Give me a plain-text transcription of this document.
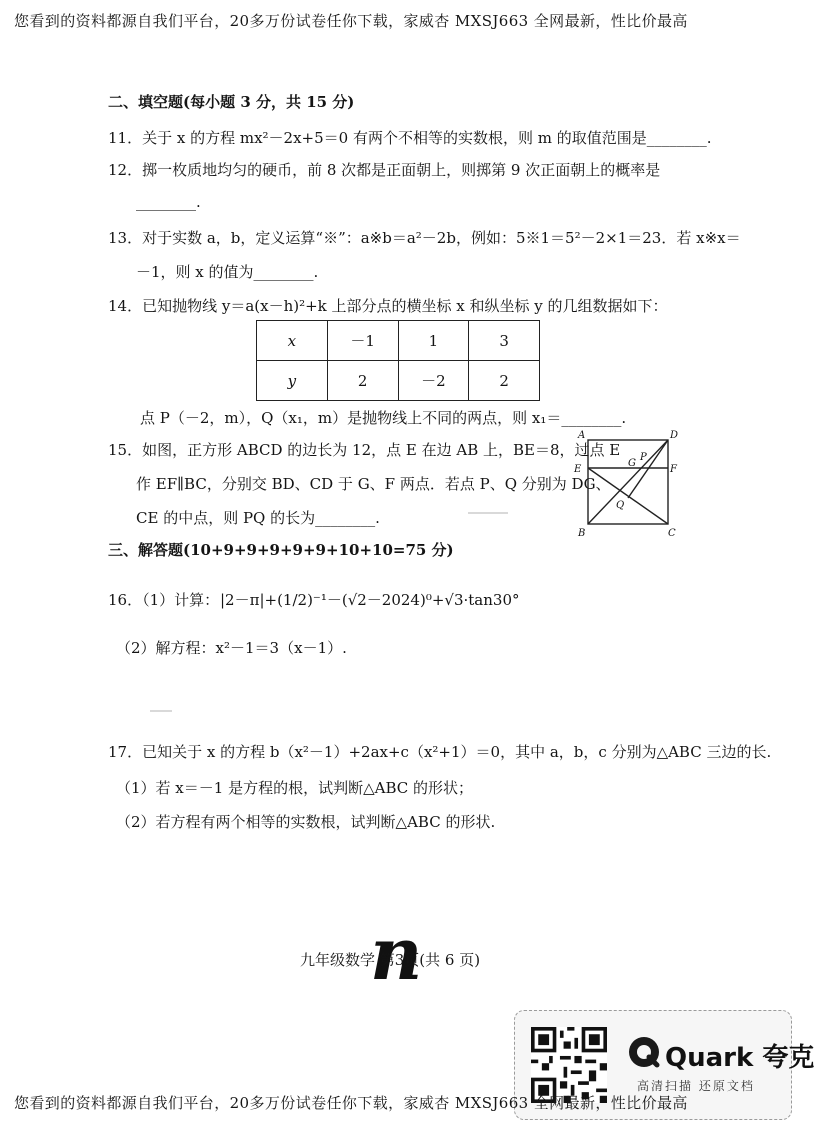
您看到的资料都源自我们平台，20多万份试卷任你下载，家威杏 MXSJ663 全网最新，性比价最高
二、填空题(每小题 3 分，共 15 分)
11．关于 x 的方程 mx²－2x+5＝0 有两个不相等的实数根，则 m 的取值范围是________.
12．掷一枚质地均匀的硬币，前 8 次都是正面朝上，则掷第 9 次正面朝上的概率是
________.
13．对于实数 a，b，定义运算“※”：a※b＝a²－2b，例如：5※1＝5²－2×1＝23．若 x※x＝
－1，则 x 的值为________.
14．已知抛物线 y＝a(x－h)²+k 上部分点的横坐标 x 和纵坐标 y 的几组数据如下：
x	－1	1	3
y	2	－2	2
点 P（－2，m），Q（x₁，m）是抛物线上不同的两点，则 x₁＝________.
15．如图，正方形 ABCD 的边长为 12，点 E 在边 AB 上，BE＝8，过点 E
作 EF∥BC，分别交 BD、CD 于 G、F 两点．若点 P、Q 分别为 DG、
CE 的中点，则 PQ 的长为________.
A	D
E	F
G
P
Q
B	C
三、解答题(10+9+9+9+9+9+10+10=75 分)
16．（1）计算： |2－π|+(1/2)⁻¹－(√2－2024)⁰+√3·tan30°
（2）解方程：x²－1＝3（x－1）.
17．已知关于 x 的方程 b（x²－1）+2ax+c（x²+1）＝0，其中 a，b，c 分别为△ABC 三边的长.
（1）若 x＝－1 是方程的根，试判断△ABC 的形状；
（2）若方程有两个相等的实数根，试判断△ABC 的形状.
n
九年级数学 第3页(共 6 页)
Quark 夸克
高清扫描 还原文档
您看到的资料都源自我们平台，20多万份试卷任你下载，家威杏 MXSJ663 全网最新，性比价最高
